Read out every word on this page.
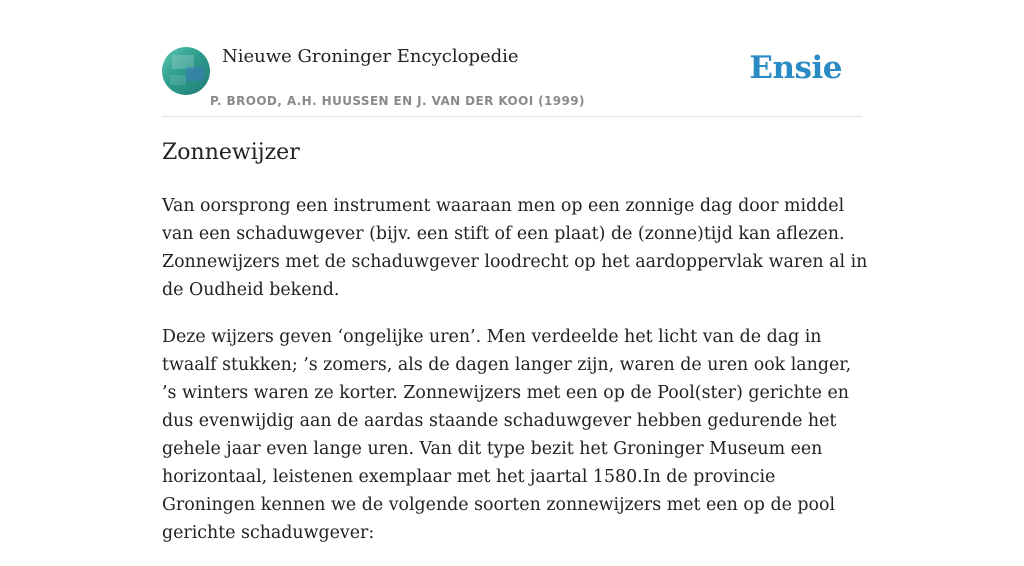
Nieuwe Groninger Encyclopedie
P. BROOD, A.H. HUUSSEN EN J. VAN DER KOOI (1999)
Ensie
Zonnewijzer

Van oorsprong een instrument waaraan men op een zonnige dag door middel van een schaduwgever (bijv. een stift of een plaat) de (zonne)tijd kan aflezen. Zonnewijzers met de schaduwgever loodrecht op het aardoppervlak waren al in de Oudheid bekend.

Deze wijzers geven ‘ongelijke uren’. Men verdeelde het licht van de dag in twaalf stukken; ’s zomers, als de dagen langer zijn, waren de uren ook langer, ’s winters waren ze korter. Zonnewijzers met een op de Pool(ster) gerichte en dus evenwijdig aan de aardas staande schaduwgever hebben gedurende het gehele jaar even lange uren. Van dit type bezit het Groninger Museum een horizontaal, leistenen exemplaar met het jaartal 1580.In de provincie Groningen kennen we de volgende soorten zonnewijzers met een op de pool gerichte schaduwgever:
